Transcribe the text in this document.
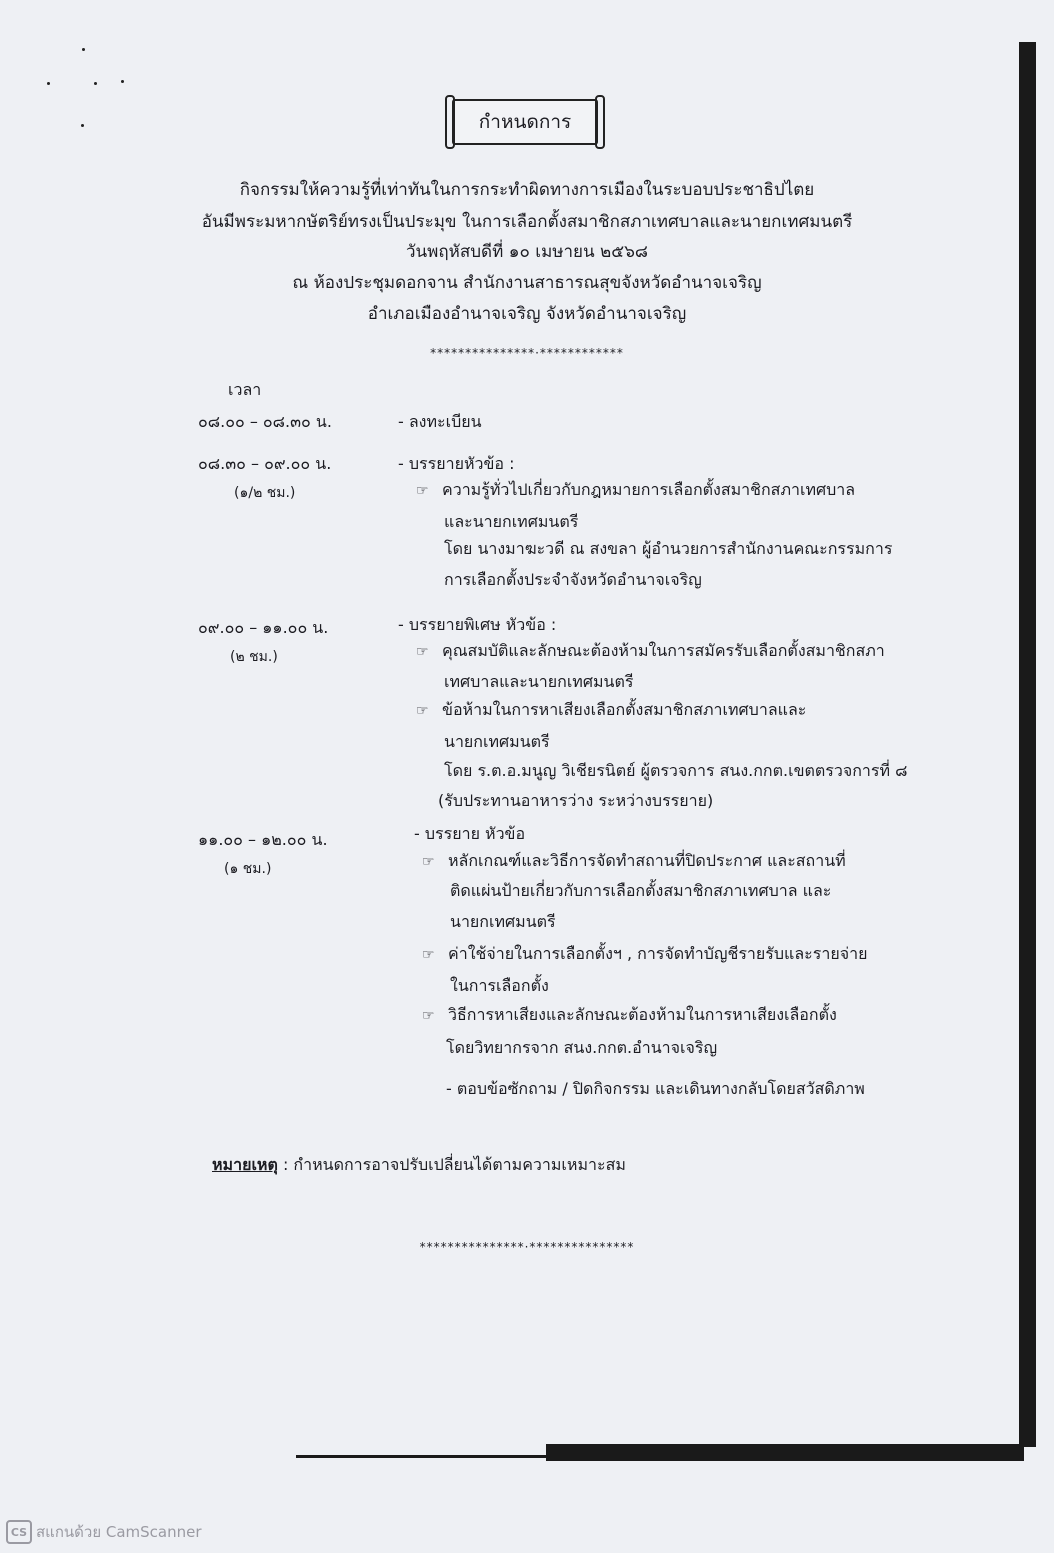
กำหนดการ
กิจกรรมให้ความรู้ที่เท่าทันในการกระทำผิดทางการเมืองในระบอบประชาธิปไตย
อันมีพระมหากษัตริย์ทรงเป็นประมุข ในการเลือกตั้งสมาชิกสภาเทศบาลและนายกเทศมนตรี
วันพฤหัสบดีที่ ๑๐ เมษายน ๒๕๖๘
ณ ห้องประชุมดอกจาน สำนักงานสาธารณสุขจังหวัดอำนาจเจริญ
อำเภอเมืองอำนาจเจริญ จังหวัดอำนาจเจริญ
***************·************
เวลา
๐๘.๐๐ – ๐๘.๓๐ น.	- ลงทะเบียน
๐๘.๓๐ – ๐๙.๐๐ น.
(๑/๒ ชม.)
- บรรยายหัวข้อ :
☞ ความรู้ทั่วไปเกี่ยวกับกฎหมายการเลือกตั้งสมาชิกสภาเทศบาล
และนายกเทศมนตรี
โดย นางมาฆะวดี ณ สงขลา ผู้อำนวยการสำนักงานคณะกรรมการ
การเลือกตั้งประจำจังหวัดอำนาจเจริญ
๐๙.๐๐ – ๑๑.๐๐ น.
(๒ ชม.)
- บรรยายพิเศษ หัวข้อ :
☞ คุณสมบัติและลักษณะต้องห้ามในการสมัครรับเลือกตั้งสมาชิกสภา
เทศบาลและนายกเทศมนตรี
☞ ข้อห้ามในการหาเสียงเลือกตั้งสมาชิกสภาเทศบาลและ
นายกเทศมนตรี
โดย ร.ต.อ.มนูญ วิเชียรนิตย์ ผู้ตรวจการ สนง.กกต.เขตตรวจการที่ ๘
(รับประทานอาหารว่าง ระหว่างบรรยาย)
๑๑.๐๐ – ๑๒.๐๐ น.
(๑ ชม.)
- บรรยาย หัวข้อ
☞ หลักเกณฑ์และวิธีการจัดทำสถานที่ปิดประกาศ และสถานที่
ติดแผ่นป้ายเกี่ยวกับการเลือกตั้งสมาชิกสภาเทศบาล และ
นายกเทศมนตรี
☞ ค่าใช้จ่ายในการเลือกตั้งฯ , การจัดทำบัญชีรายรับและรายจ่าย
ในการเลือกตั้ง
☞ วิธีการหาเสียงและลักษณะต้องห้ามในการหาเสียงเลือกตั้ง
โดยวิทยากรจาก สนง.กกต.อำนาจเจริญ
- ตอบข้อซักถาม / ปิดกิจกรรม และเดินทางกลับโดยสวัสดิภาพ
หมายเหตุ : กำหนดการอาจปรับเปลี่ยนได้ตามความเหมาะสม
***************·***************
CS สแกนด้วย CamScanner
